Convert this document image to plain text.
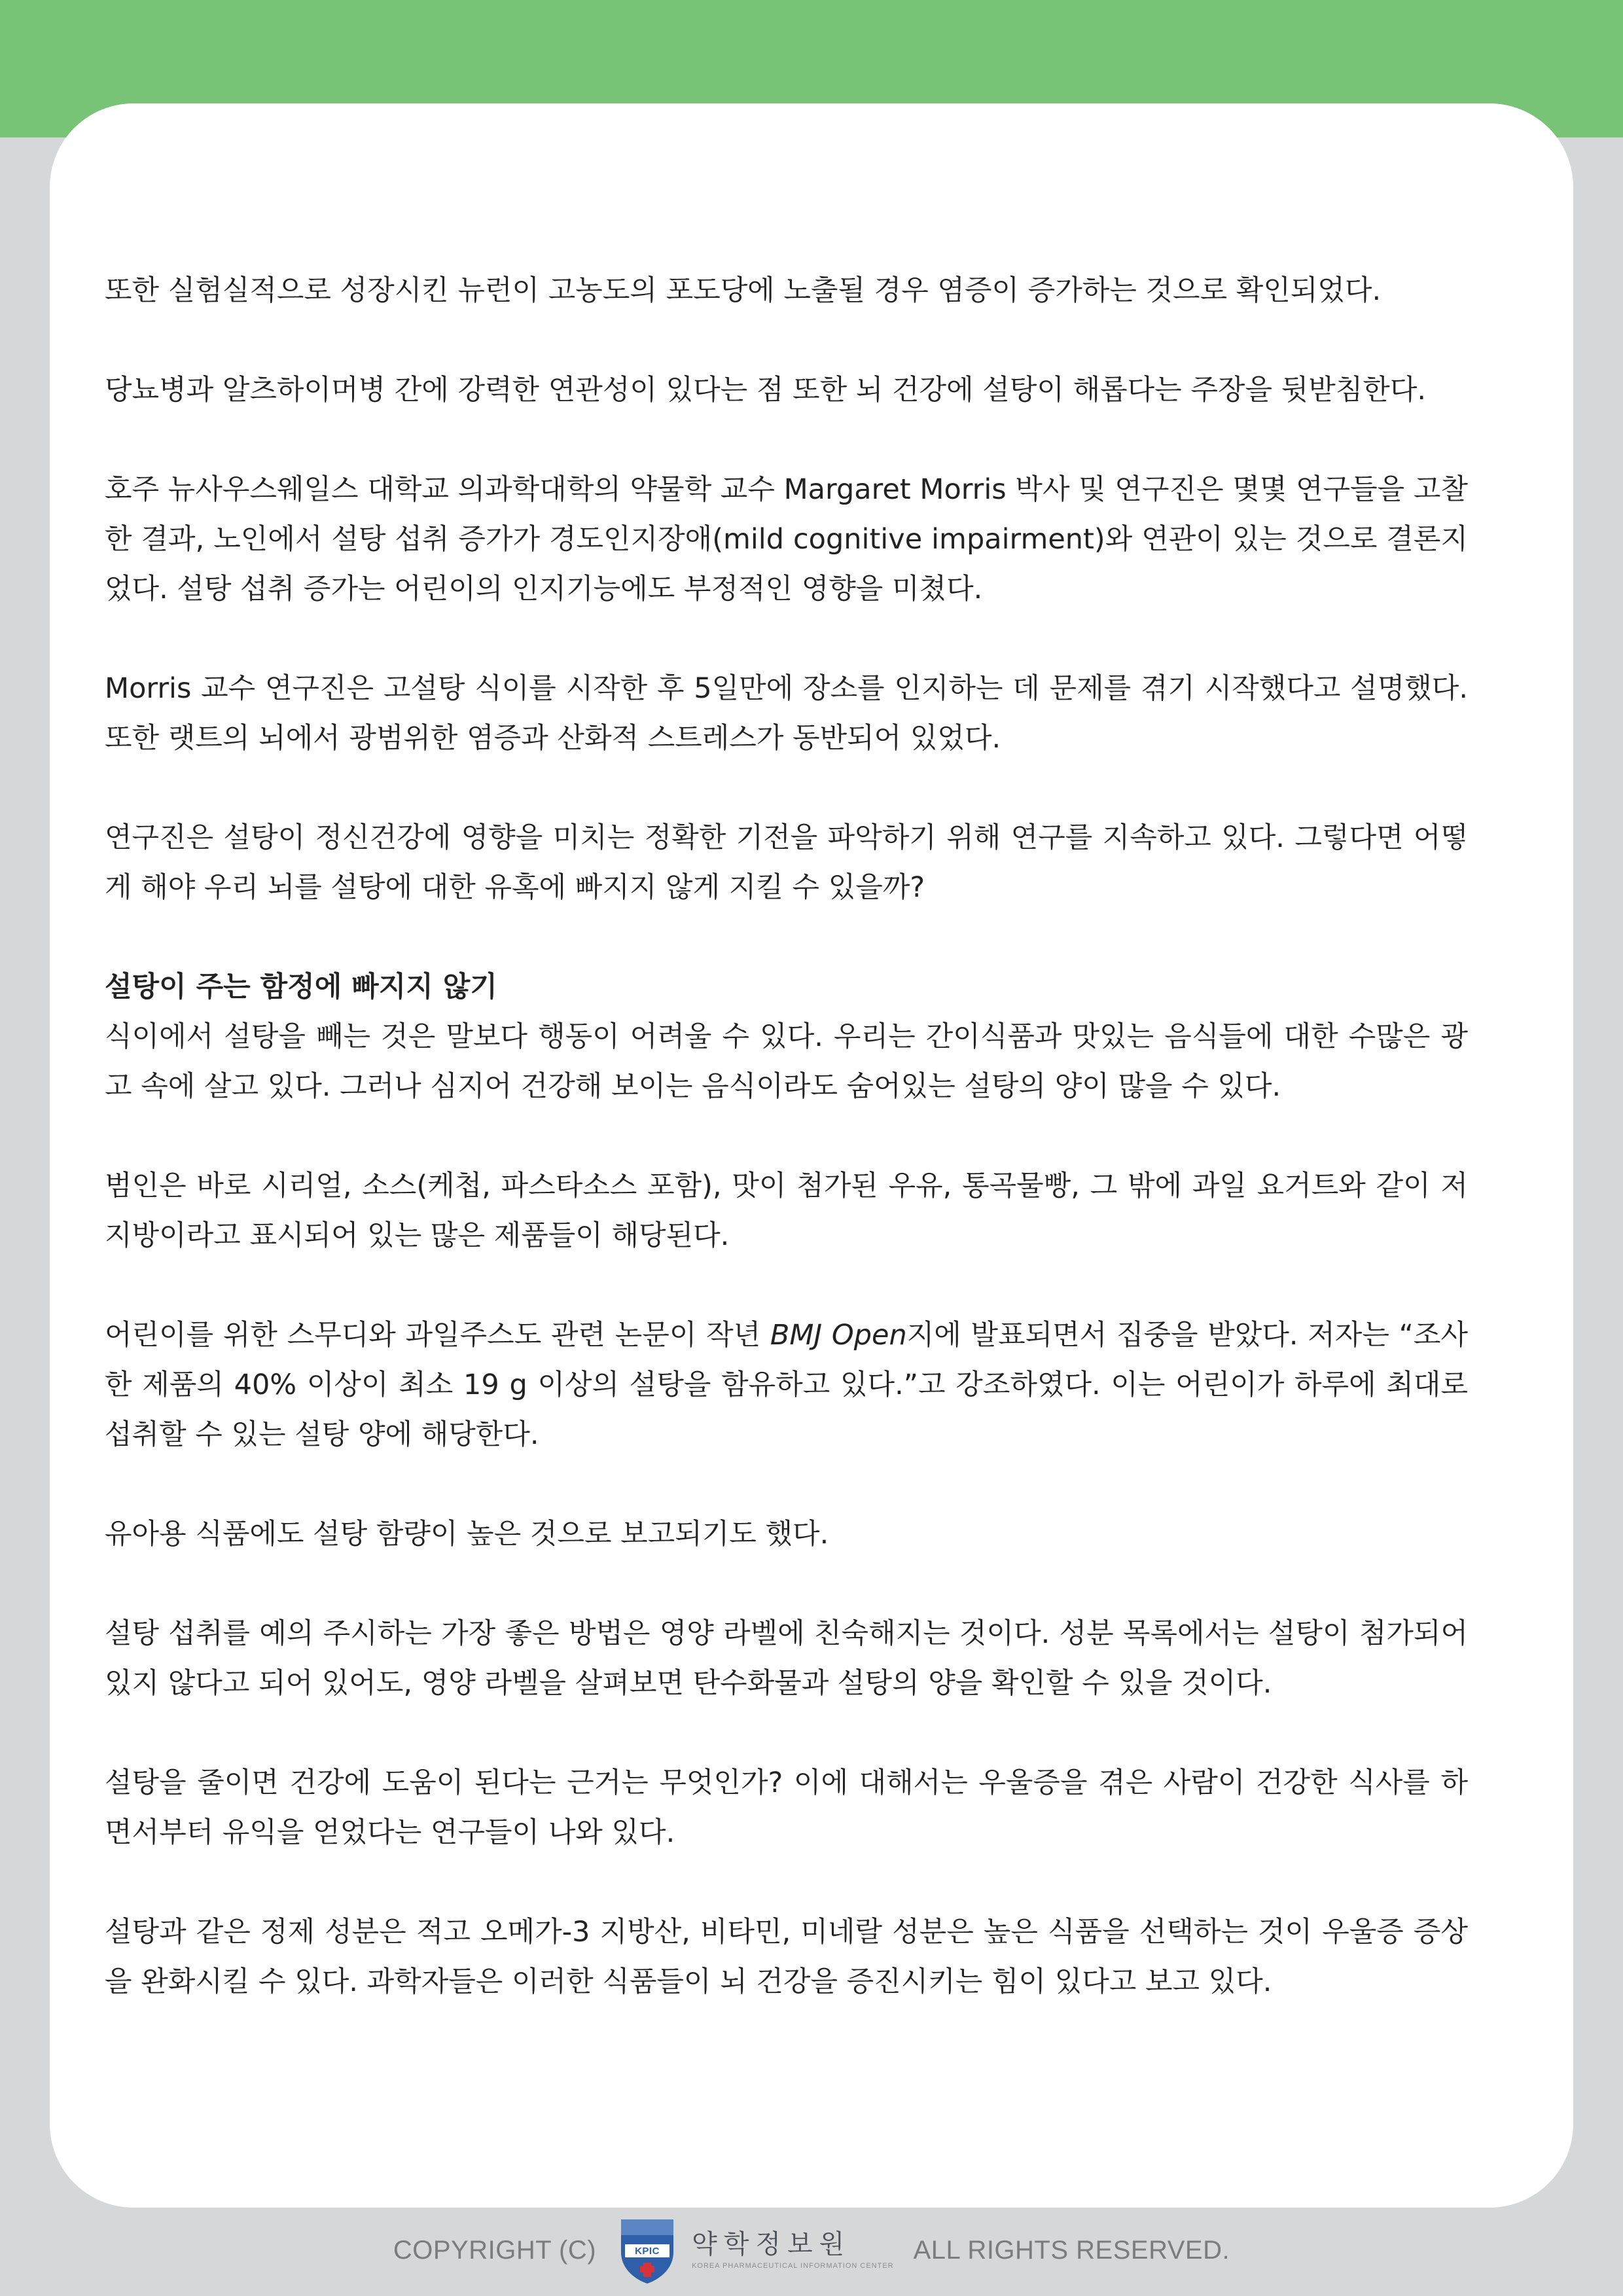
또한 실험실적으로 성장시킨 뉴런이 고농도의 포도당에 노출될 경우 염증이 증가하는 것으로 확인되었다.

당뇨병과 알츠하이머병 간에 강력한 연관성이 있다는 점 또한 뇌 건강에 설탕이 해롭다는 주장을 뒷받침한다.

호주 뉴사우스웨일스 대학교 의과학대학의 약물학 교수 Margaret Morris 박사 및 연구진은 몇몇 연구들을 고찰한 결과, 노인에서 설탕 섭취 증가가 경도인지장애(mild cognitive impairment)와 연관이 있는 것으로 결론지었다. 설탕 섭취 증가는 어린이의 인지기능에도 부정적인 영향을 미쳤다.

Morris 교수 연구진은 고설탕 식이를 시작한 후 5일만에 장소를 인지하는 데 문제를 겪기 시작했다고 설명했다. 또한 랫트의 뇌에서 광범위한 염증과 산화적 스트레스가 동반되어 있었다.

연구진은 설탕이 정신건강에 영향을 미치는 정확한 기전을 파악하기 위해 연구를 지속하고 있다. 그렇다면 어떻게 해야 우리 뇌를 설탕에 대한 유혹에 빠지지 않게 지킬 수 있을까?

설탕이 주는 함정에 빠지지 않기

식이에서 설탕을 빼는 것은 말보다 행동이 어려울 수 있다. 우리는 간이식품과 맛있는 음식들에 대한 수많은 광고 속에 살고 있다. 그러나 심지어 건강해 보이는 음식이라도 숨어있는 설탕의 양이 많을 수 있다.

범인은 바로 시리얼, 소스(케첩, 파스타소스 포함), 맛이 첨가된 우유, 통곡물빵, 그 밖에 과일 요거트와 같이 저지방이라고 표시되어 있는 많은 제품들이 해당된다.

어린이를 위한 스무디와 과일주스도 관련 논문이 작년 BMJ Open지에 발표되면서 집중을 받았다. 저자는 “조사한 제품의 40% 이상이 최소 19 g 이상의 설탕을 함유하고 있다.”고 강조하였다. 이는 어린이가 하루에 최대로 섭취할 수 있는 설탕 양에 해당한다.

유아용 식품에도 설탕 함량이 높은 것으로 보고되기도 했다.

설탕 섭취를 예의 주시하는 가장 좋은 방법은 영양 라벨에 친숙해지는 것이다. 성분 목록에서는 설탕이 첨가되어 있지 않다고 되어 있어도, 영양 라벨을 살펴보면 탄수화물과 설탕의 양을 확인할 수 있을 것이다.

설탕을 줄이면 건강에 도움이 된다는 근거는 무엇인가? 이에 대해서는 우울증을 겪은 사람이 건강한 식사를 하면서부터 유익을 얻었다는 연구들이 나와 있다.

설탕과 같은 정제 성분은 적고 오메가-3 지방산, 비타민, 미네랄 성분은 높은 식품을 선택하는 것이 우울증 증상을 완화시킬 수 있다. 과학자들은 이러한 식품들이 뇌 건강을 증진시키는 힘이 있다고 보고 있다.

COPYRIGHT (C)	KPIC 약학정보원
KOREA PHARMACEUTICAL INFORMATION CENTER
ALL RIGHTS RESERVED.
